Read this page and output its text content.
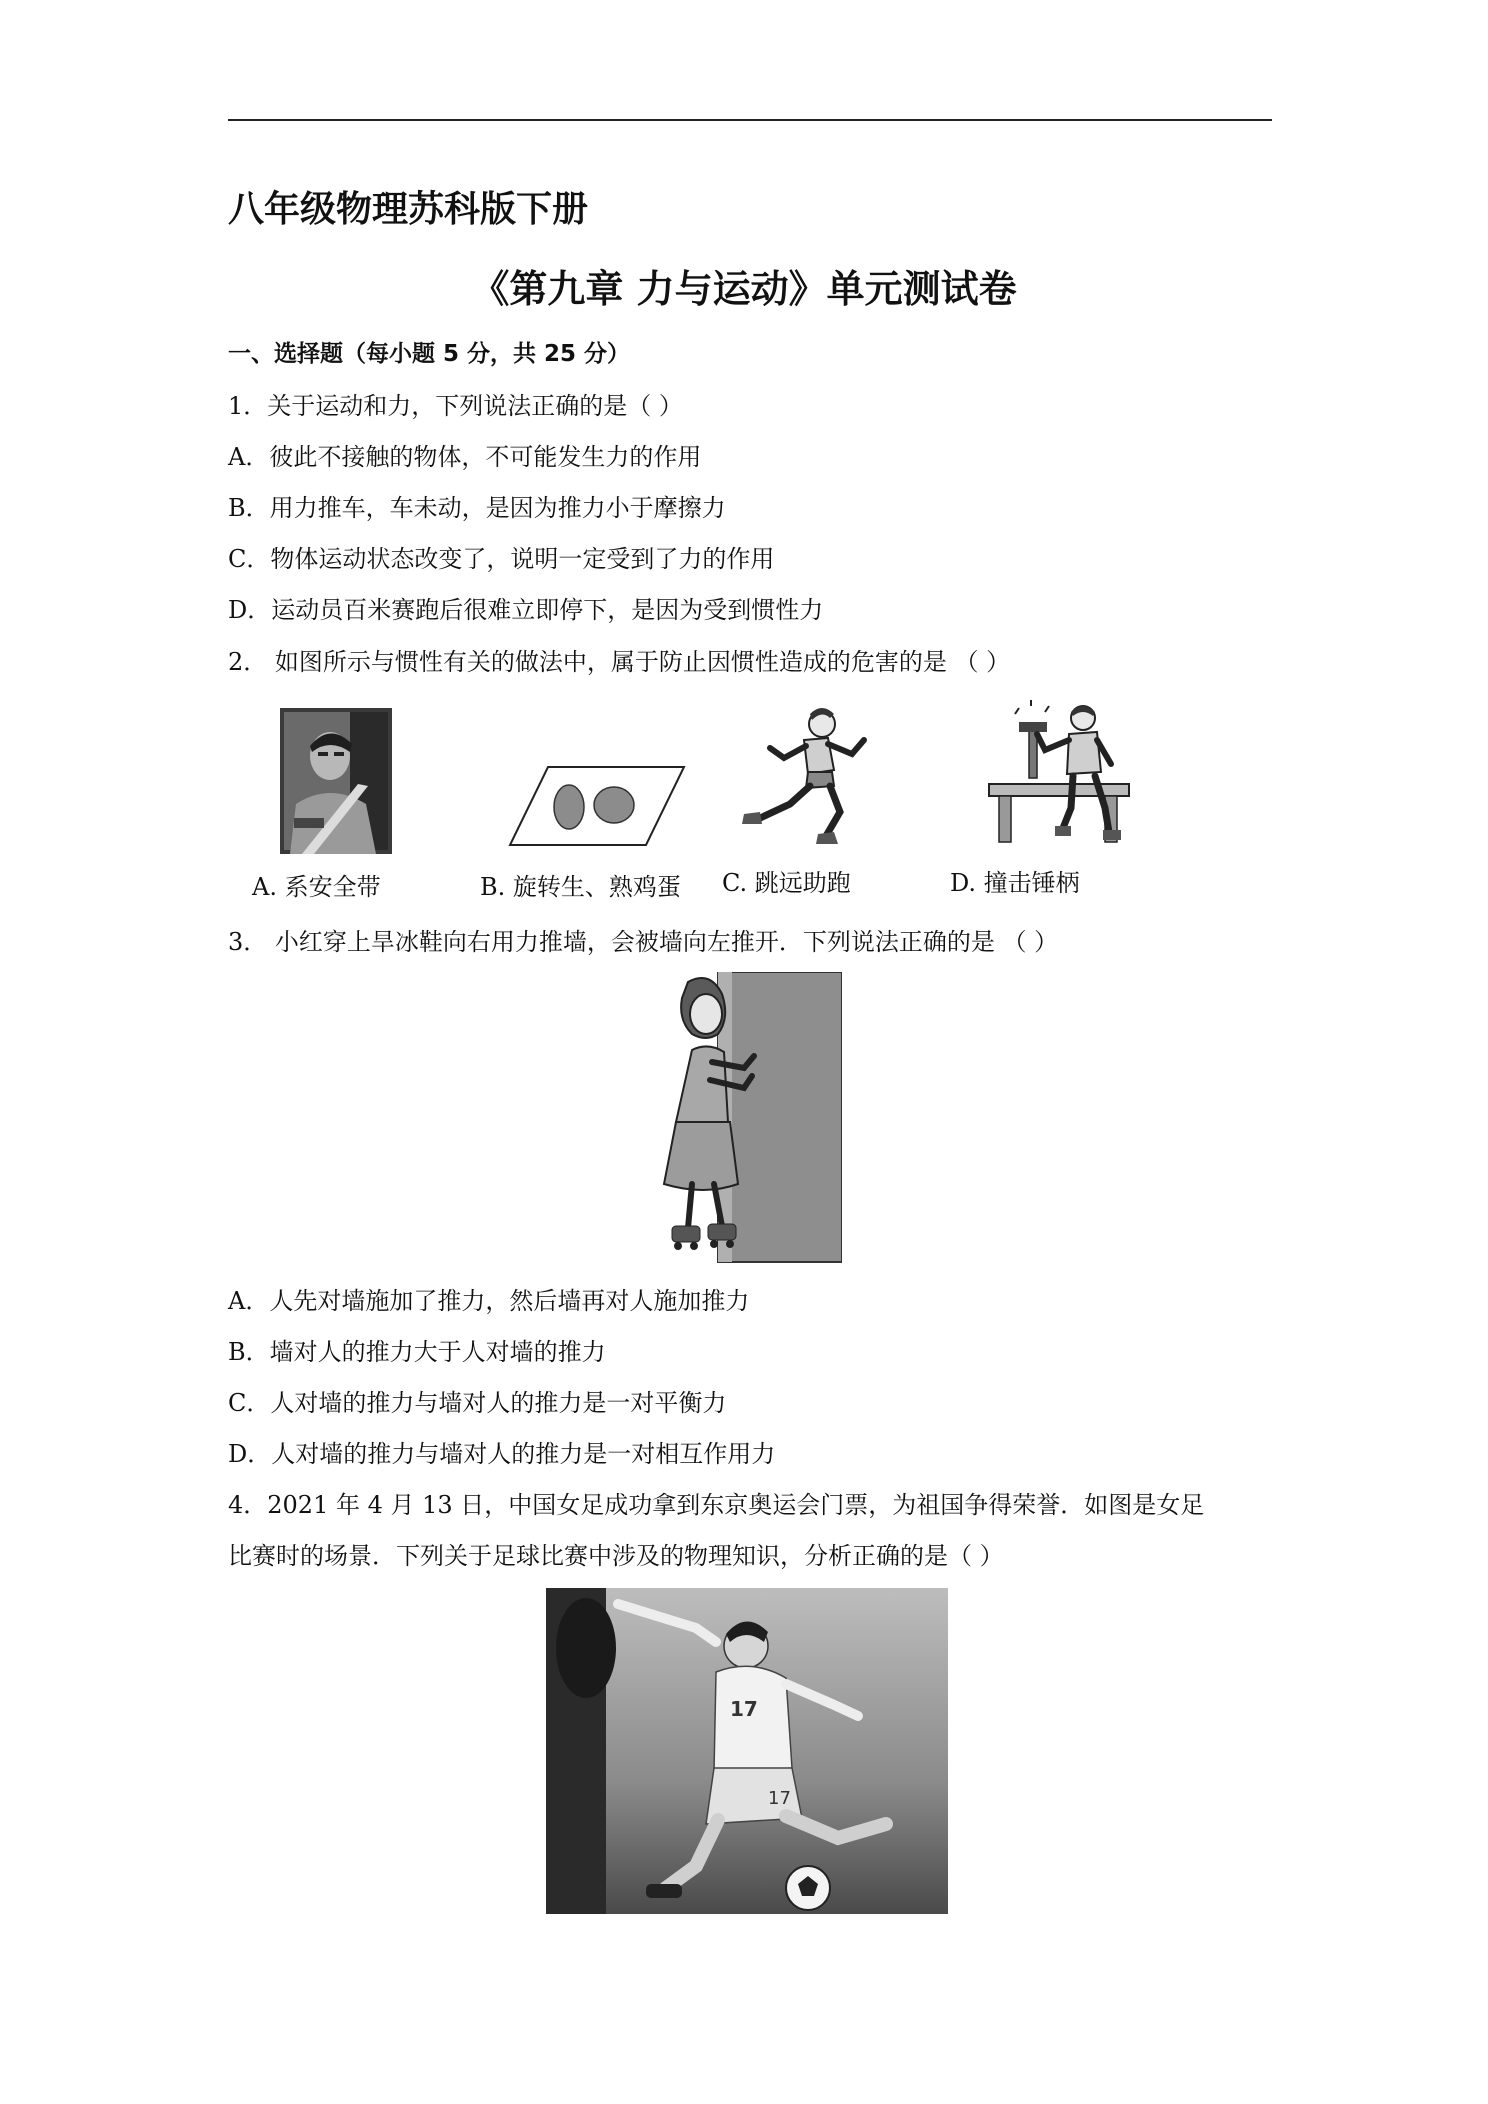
八年级物理苏科版下册
《第九章 力与运动》单元测试卷
一、选择题（每小题 5 分，共 25 分）
1．关于运动和力，下列说法正确的是（ ）
A．彼此不接触的物体，不可能发生力的作用
B．用力推车，车未动，是因为推力小于摩擦力
C．物体运动状态改变了，说明一定受到了力的作用
D．运动员百米赛跑后很难立即停下，是因为受到惯性力
2． 如图所示与惯性有关的做法中，属于防止因惯性造成的危害的是 （ ）
A. 系安全带	B. 旋转生、熟鸡蛋 C. 跳远助跑	D. 撞击锤柄
3． 小红穿上旱冰鞋向右用力推墙，会被墙向左推开．下列说法正确的是 （ ）
A．人先对墙施加了推力，然后墙再对人施加推力
B．墙对人的推力大于人对墙的推力
C．人对墙的推力与墙对人的推力是一对平衡力
D．人对墙的推力与墙对人的推力是一对相互作用力
4．2021 年 4 月 13 日，中国女足成功拿到东京奥运会门票，为祖国争得荣誉．如图是女足
比赛时的场景．下列关于足球比赛中涉及的物理知识，分析正确的是（ ）
17
17
